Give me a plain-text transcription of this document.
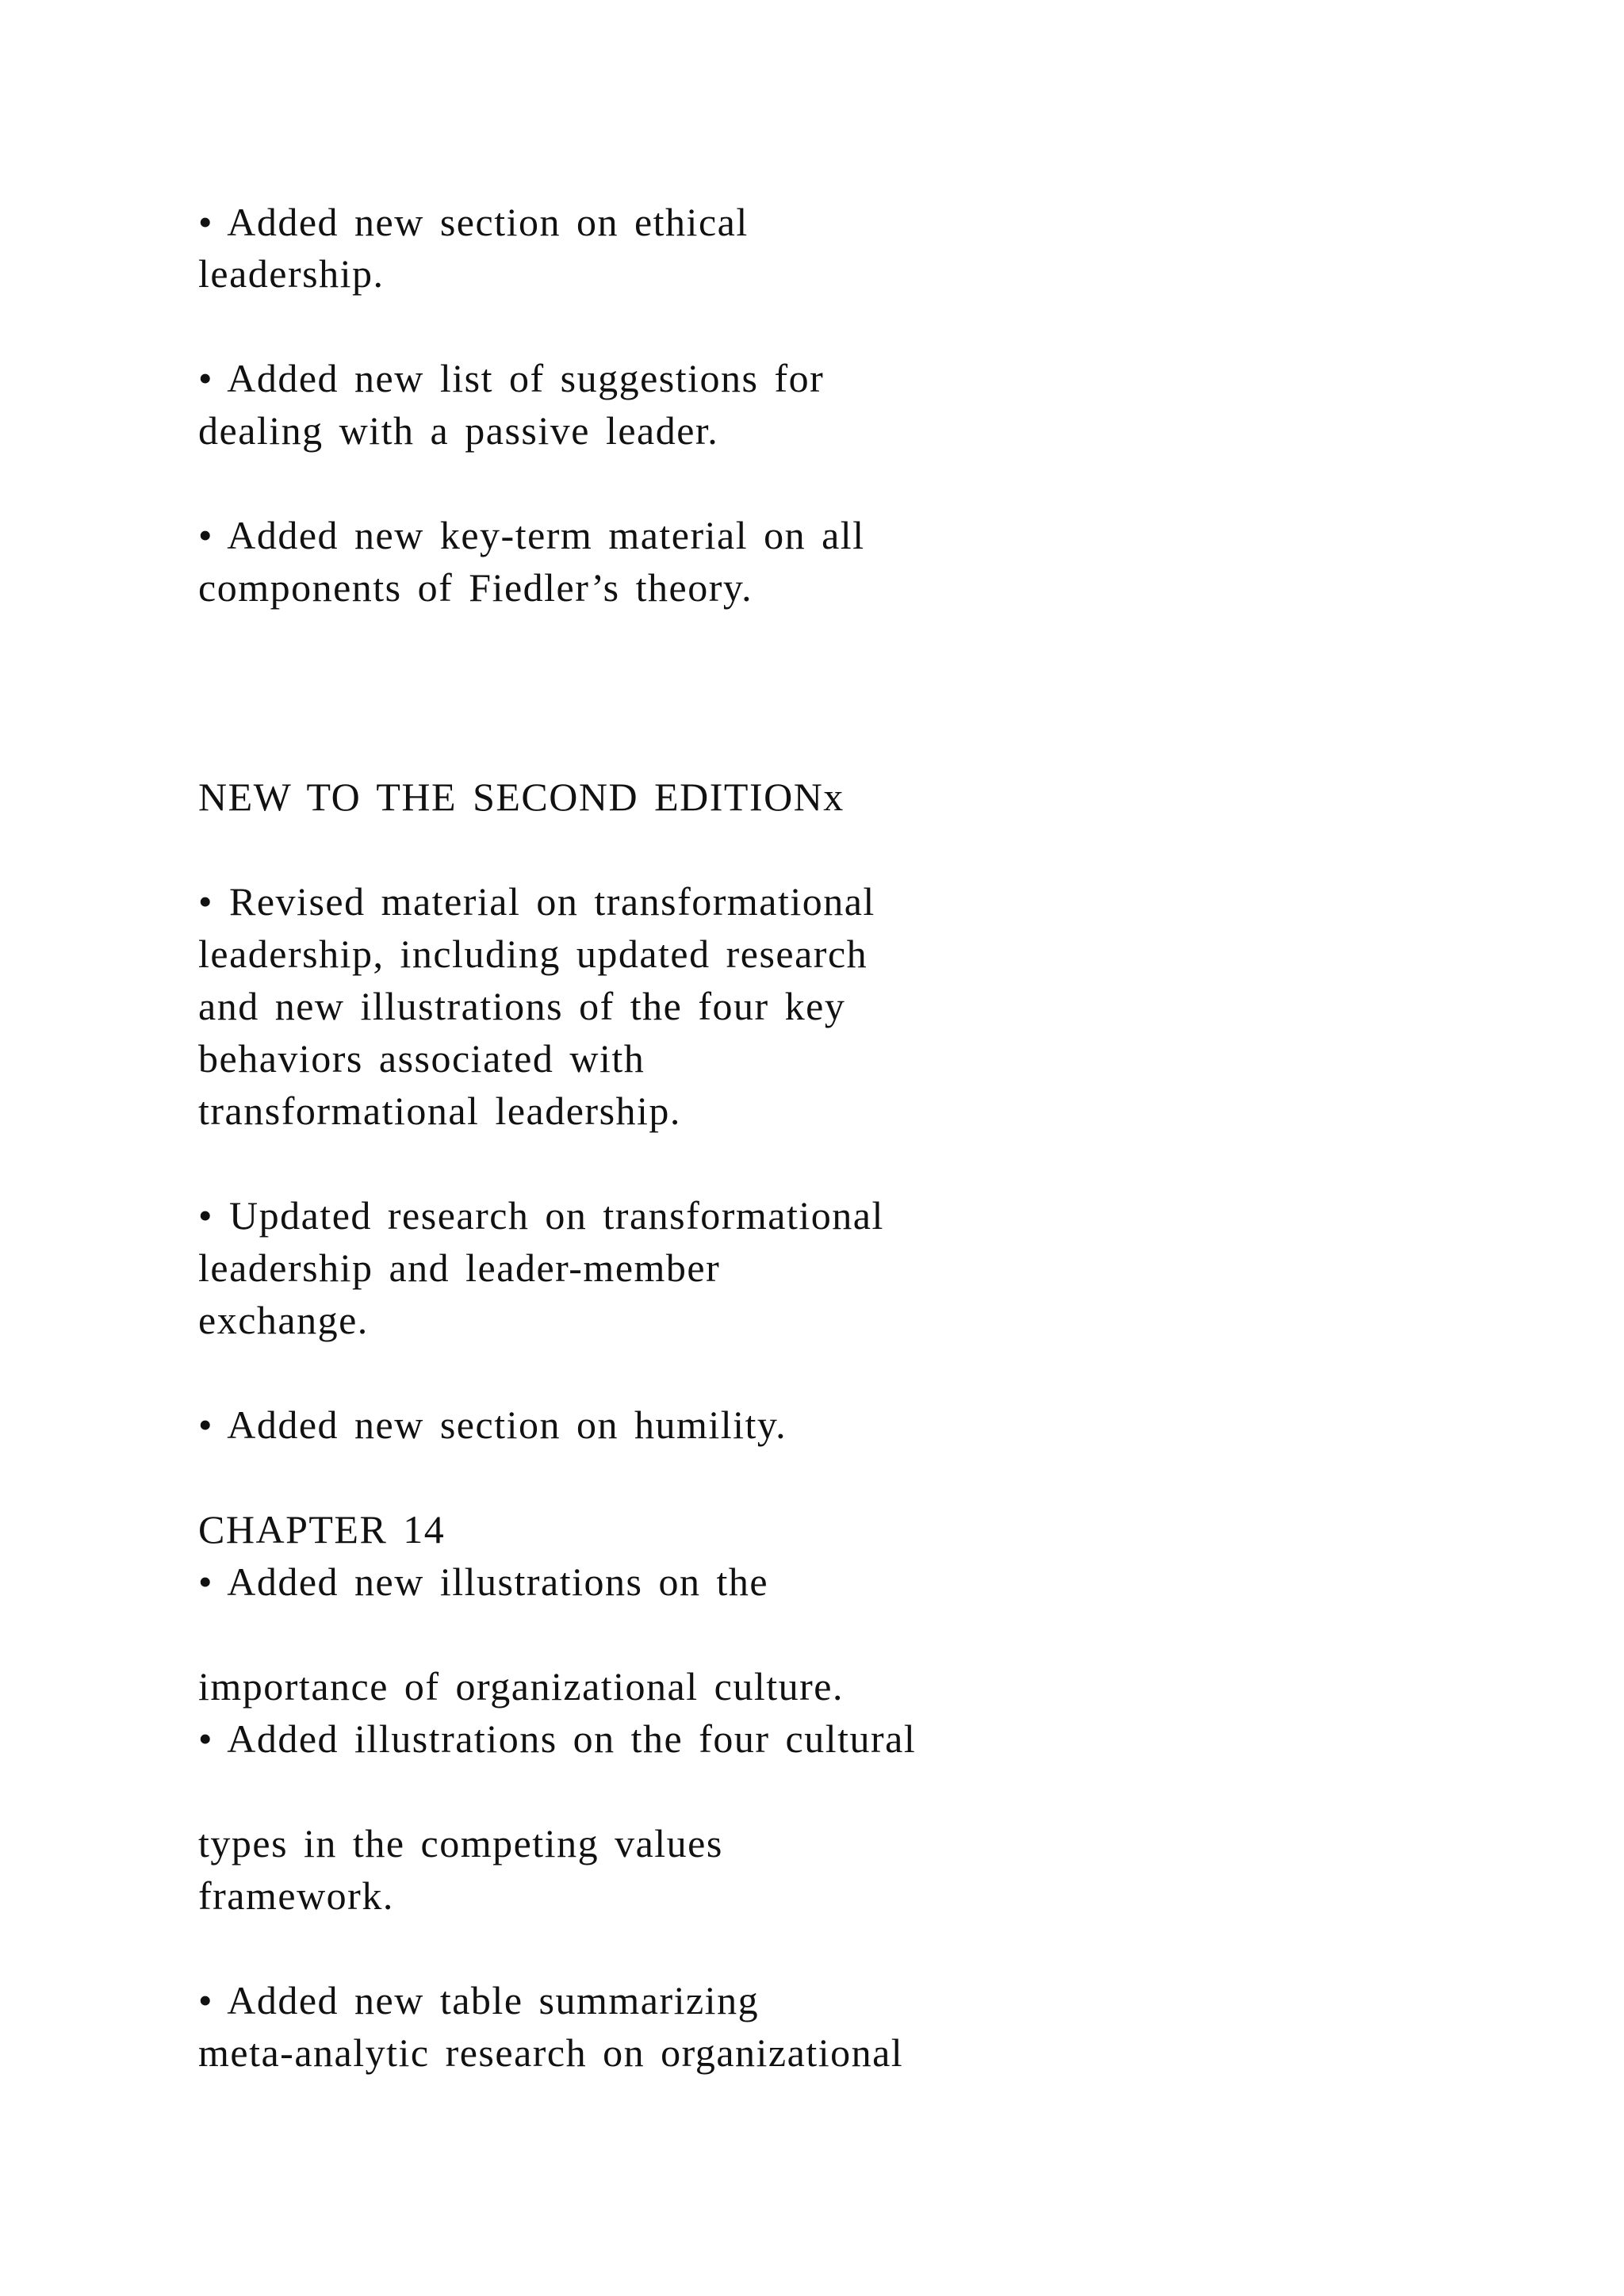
• Added new section on ethical
leadership.
• Added new list of suggestions for
dealing with a passive leader.
• Added new key-term material on all
components of Fiedler’s theory.
NEW TO THE SECOND EDITIONx
• Revised material on transformational
leadership, including updated research
and new illustrations of the four key
behaviors associated with
transformational leadership.
• Updated research on transformational
leadership and leader-member
exchange.
• Added new section on humility.
CHAPTER 14
• Added new illustrations on the
importance of organizational culture.
• Added illustrations on the four cultural
types in the competing values
framework.
• Added new table summarizing
meta-analytic research on organizational
